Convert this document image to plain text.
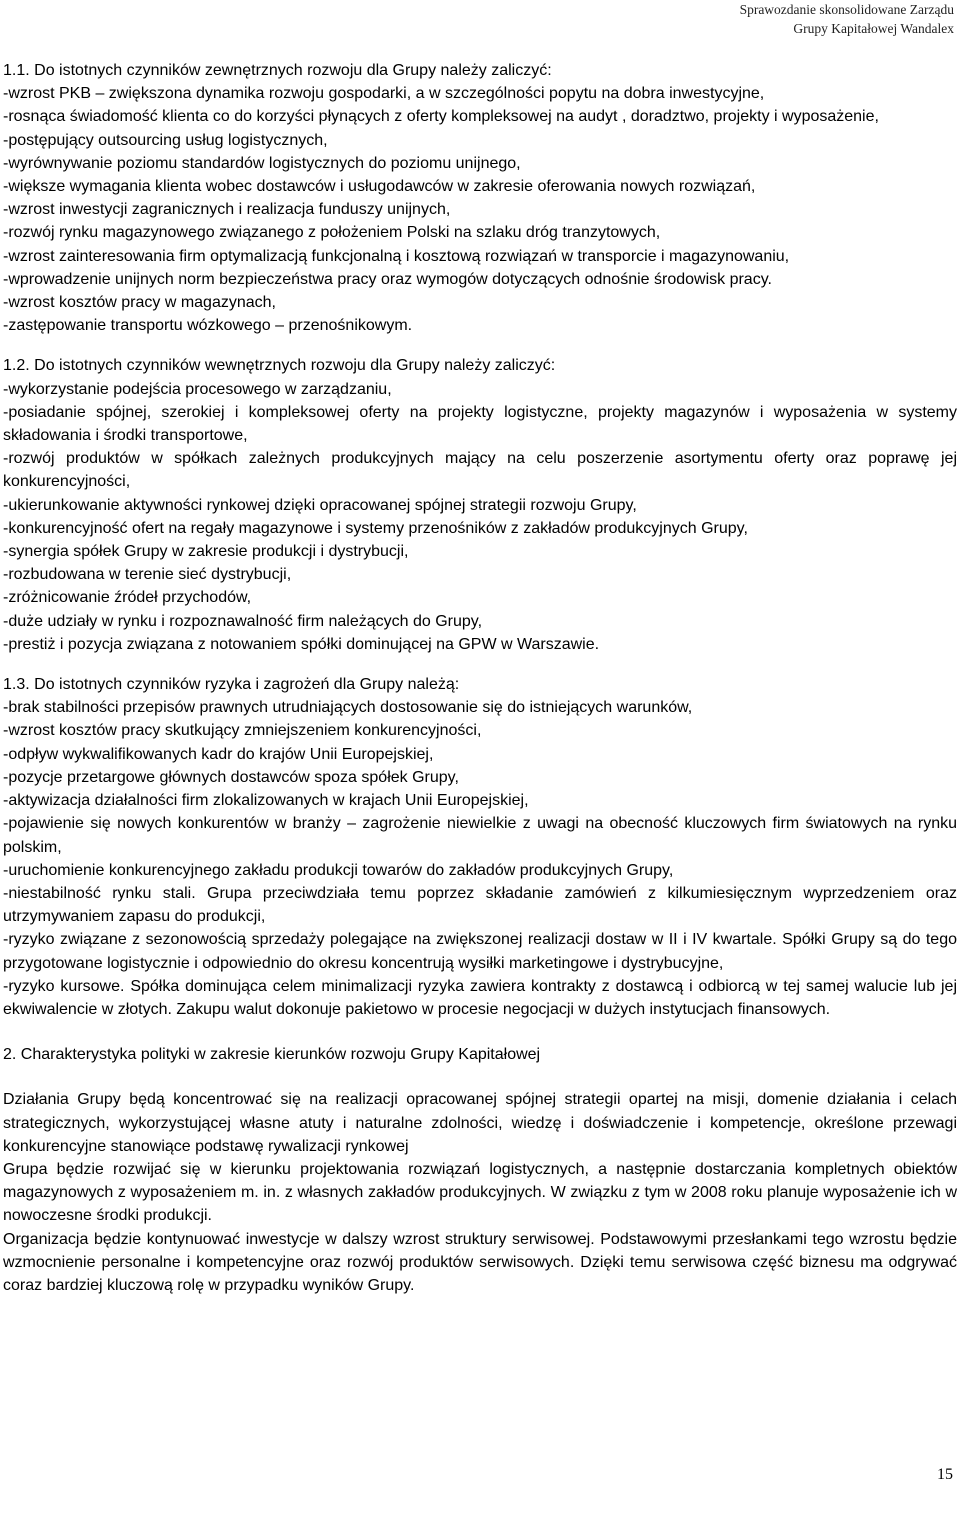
Sprawozdanie skonsolidowane Zarządu
Grupy Kapitałowej Wandalex

1.1. Do istotnych czynników zewnętrznych rozwoju dla Grupy należy zaliczyć:

-wzrost PKB – zwiększona dynamika rozwoju gospodarki, a w szczególności popytu na dobra inwestycyjne,

-rosnąca świadomość klienta co do korzyści płynących z oferty kompleksowej na audyt , doradztwo, projekty i wyposażenie,

-postępujący outsourcing usług logistycznych,

-wyrównywanie poziomu standardów logistycznych do poziomu unijnego,

-większe wymagania klienta wobec dostawców i usługodawców w zakresie oferowania nowych rozwiązań,

-wzrost inwestycji zagranicznych i realizacja funduszy unijnych,

-rozwój rynku magazynowego związanego z położeniem Polski na szlaku dróg tranzytowych,

-wzrost zainteresowania firm optymalizacją funkcjonalną i kosztową rozwiązań w transporcie i magazynowaniu,

-wprowadzenie unijnych norm bezpieczeństwa pracy oraz wymogów dotyczących odnośnie środowisk pracy.

-wzrost kosztów pracy w magazynach,

-zastępowanie transportu wózkowego – przenośnikowym.

1.2. Do istotnych czynników wewnętrznych rozwoju dla Grupy należy zaliczyć:

-wykorzystanie podejścia procesowego w zarządzaniu,

-posiadanie spójnej, szerokiej i kompleksowej oferty na projekty logistyczne, projekty magazynów i wyposażenia w systemy składowania i środki transportowe,

-rozwój produktów w spółkach zależnych produkcyjnych mający na celu poszerzenie asortymentu oferty oraz poprawę jej konkurencyjności,

-ukierunkowanie aktywności rynkowej dzięki opracowanej spójnej strategii rozwoju Grupy,

-konkurencyjność ofert na regały magazynowe i systemy przenośników z zakładów produkcyjnych Grupy,

-synergia spółek Grupy w zakresie produkcji i dystrybucji,

-rozbudowana w terenie sieć dystrybucji,

-zróżnicowanie źródeł przychodów,

-duże udziały w rynku i rozpoznawalność firm należących do Grupy,

-prestiż i pozycja związana z notowaniem spółki dominującej na GPW w Warszawie.

1.3. Do istotnych czynników ryzyka i zagrożeń dla Grupy należą:

-brak stabilności przepisów prawnych utrudniających dostosowanie się do istniejących warunków,

-wzrost kosztów pracy skutkujący zmniejszeniem konkurencyjności,

-odpływ wykwalifikowanych kadr do krajów Unii Europejskiej,

-pozycje przetargowe głównych dostawców spoza spółek Grupy,

-aktywizacja działalności firm zlokalizowanych w krajach Unii Europejskiej,

-pojawienie się nowych konkurentów w branży – zagrożenie niewielkie z uwagi na obecność kluczowych firm światowych na rynku polskim,

-uruchomienie konkurencyjnego zakładu produkcji towarów do zakładów produkcyjnych Grupy,

-niestabilność rynku stali. Grupa przeciwdziała temu poprzez składanie zamówień z kilkumiesięcznym wyprzedzeniem oraz utrzymywaniem zapasu do produkcji,

-ryzyko związane z sezonowością sprzedaży polegające na zwiększonej realizacji dostaw w II i IV kwartale. Spółki Grupy są do tego przygotowane logistycznie i odpowiednio do okresu koncentrują wysiłki marketingowe i dystrybucyjne,

-ryzyko kursowe. Spółka dominująca celem minimalizacji ryzyka zawiera kontrakty z dostawcą i odbiorcą w tej samej walucie lub jej ekwiwalencie w złotych. Zakupu walut dokonuje pakietowo w procesie negocjacji w dużych instytucjach finansowych.

2. Charakterystyka polityki w zakresie kierunków rozwoju Grupy Kapitałowej

Działania Grupy będą koncentrować się na realizacji opracowanej spójnej strategii opartej na misji, domenie działania i celach strategicznych, wykorzystującej własne atuty i naturalne zdolności, wiedzę i doświadczenie i kompetencje, określone przewagi konkurencyjne stanowiące podstawę rywalizacji rynkowej

Grupa będzie rozwijać się w kierunku projektowania rozwiązań logistycznych, a następnie dostarczania kompletnych obiektów magazynowych z wyposażeniem m. in. z własnych zakładów produkcyjnych. W związku z tym w 2008 roku planuje wyposażenie ich w nowoczesne środki produkcji.

Organizacja będzie kontynuować inwestycje w dalszy wzrost struktury serwisowej. Podstawowymi przesłankami tego wzrostu będzie wzmocnienie personalne i kompetencyjne oraz rozwój produktów serwisowych. Dzięki temu serwisowa część biznesu ma odgrywać coraz bardziej kluczową rolę w przypadku wyników Grupy.

15
